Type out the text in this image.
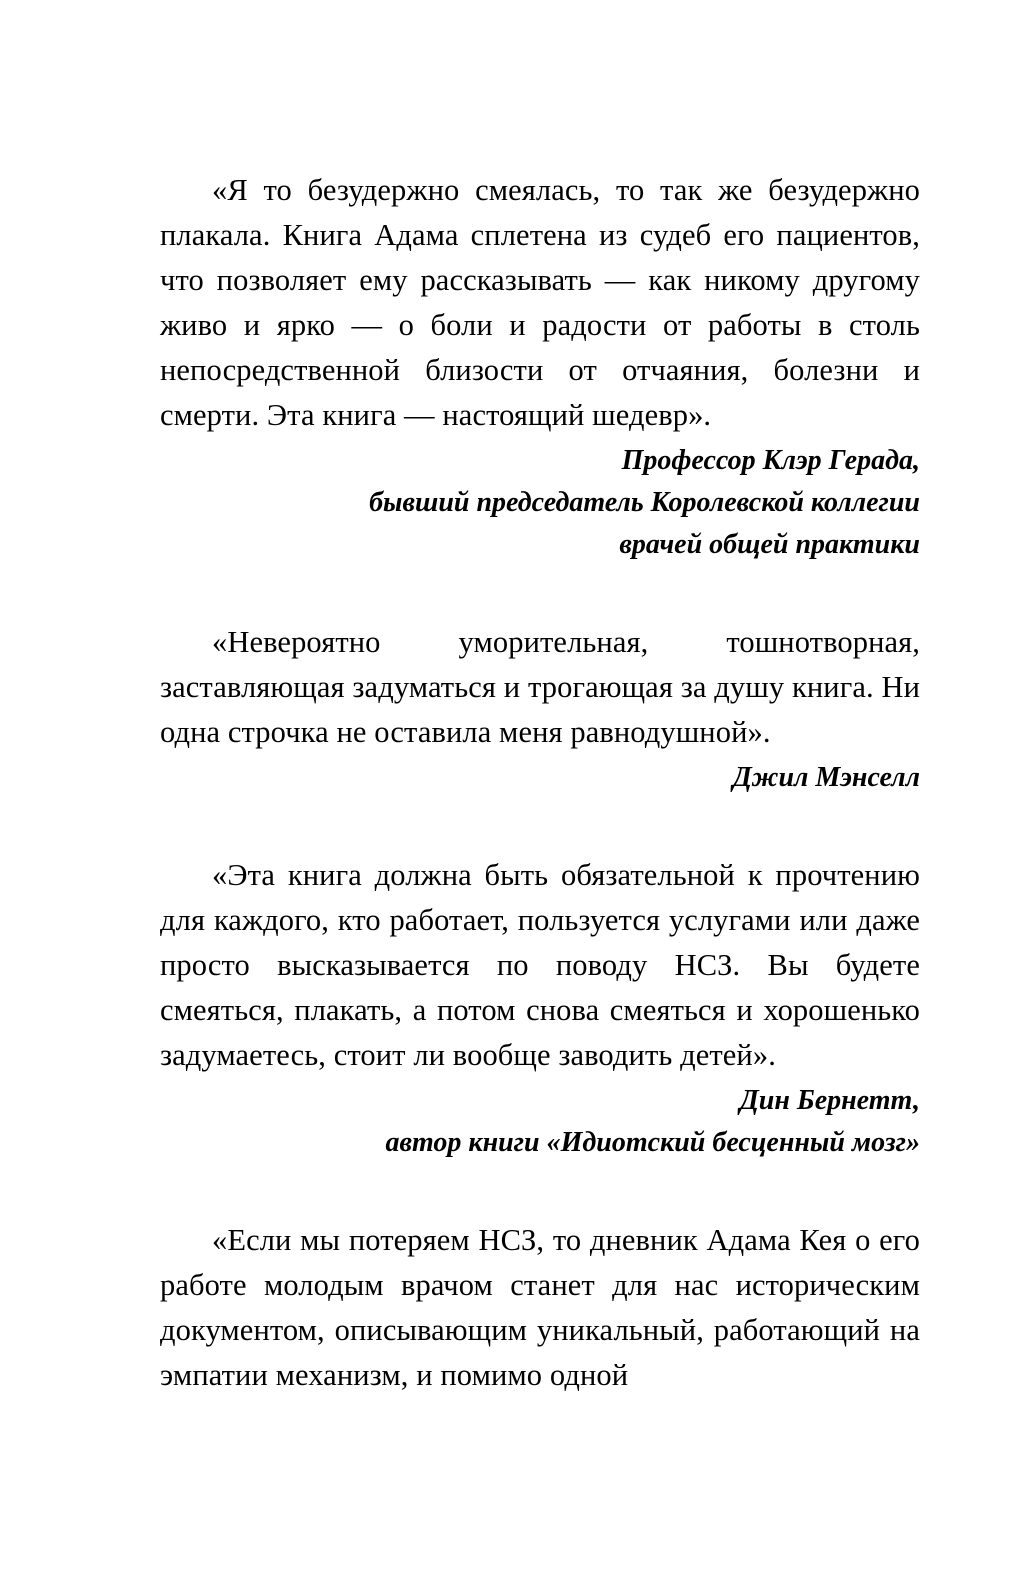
«Я то безудержно смеялась, то так же безудержно плакала. Книга Адама сплетена из судеб его пациентов, что позволяет ему рассказывать — как никому другому живо и ярко — о боли и радости от работы в столь непосредственной близости от отчаяния, болезни и смерти. Эта книга — настоящий шедевр».

Профессор Клэр Герада,
бывший председатель Королевской коллегии
врачей общей практики

«Невероятно уморительная, тошнотворная, заставляющая задуматься и трогающая за душу книга. Ни одна строчка не оставила меня равнодушной».

Джил Мэнселл

«Эта книга должна быть обязательной к прочтению для каждого, кто работает, пользуется услугами или даже просто высказывается по поводу НСЗ. Вы будете смеяться, плакать, а потом снова смеяться и хорошенько задумаетесь, стоит ли вообще заводить детей».

Дин Бернетт,
автор книги «Идиотский бесценный мозг»

«Если мы потеряем НСЗ, то дневник Адама Кея о его работе молодым врачом станет для нас историческим документом, описывающим уникальный, работающий на эмпатии механизм, и помимо одной
